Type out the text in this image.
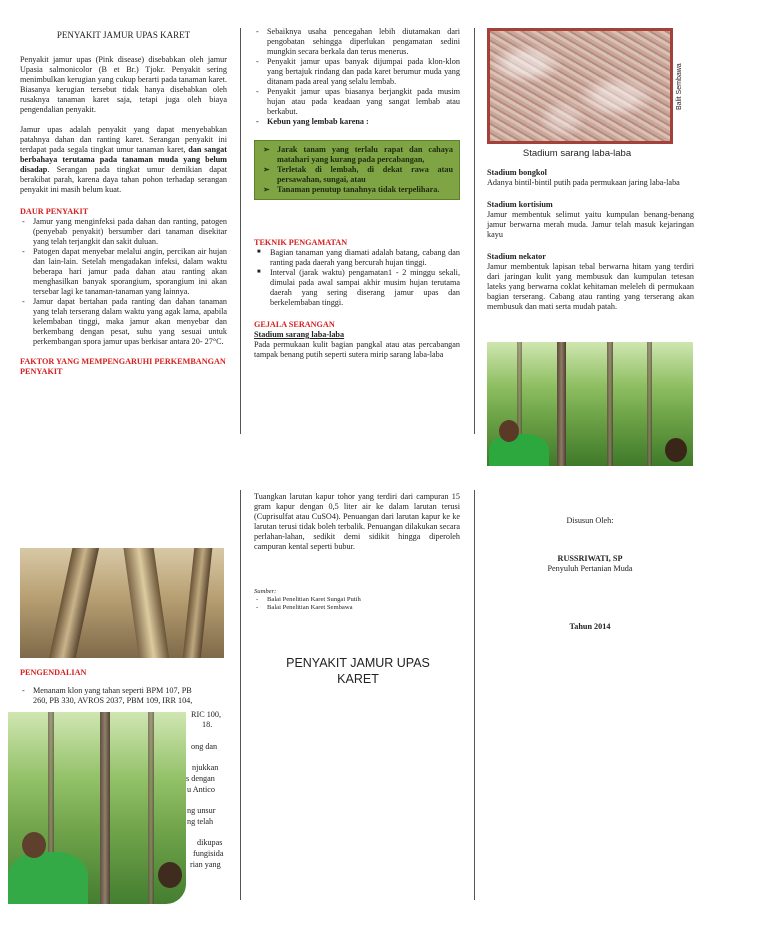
PENYAKIT JAMUR UPAS KARET
Penyakit jamur upas (Pink disease) disebabkan oleh jamur Upasia salmonicolor (B et Br.) Tjokr. Penyakit sering menimbulkan kerugian yang cukup berarti pada tanaman karet. Biasanya kerugian tersebut tidak hanya disebabkan oleh rusaknya tanaman karet saja, tetapi juga oleh biaya pengendalian penyakit.
Jamur upas adalah penyakit yang dapat menyebabkan patahnya dahan dan ranting karet. Serangan penyakit ini terdapat pada segala tingkat umur tanaman karet, dan sangat berbahaya terutama pada tanaman muda yang belum disadap. Serangan pada tingkat umur demikian dapat berakibat parah, karena daya tahan pohon terhadap serangan penyakit ini masih belum kuat.
DAUR PENYAKIT
- Jamur yang menginfeksi pada dahan dan ranting, patogen (penyebab penyakit) bersumber dari tanaman disekitar yang telah terjangkit dan sakit duluan.
- Patogen dapat menyebar melalui angin, percikan air hujan dan lain-lain. Setelah mengadakan infeksi, dalam waktu beberapa hari jamur pada dahan atau ranting akan menghasilkan banyak sporangium, sporangium ini akan tersebar lagi ke tanaman-tanaman yang lainnya.
- Jamur dapat bertahan pada ranting dan dahan tanaman yang telah terserang dalam waktu yang agak lama, apabila kelembaban tinggi, maka jamur akan menyebar dan berkembang dengan pesat, suhu yang sesuai untuk perkembangan spora jamur upas berkisar antara 20- 27°C.
FAKTOR YANG MEMPENGARUHI PERKEMBANGAN PENYAKIT
- Sebaiknya usaha pencegahan lebih diutamakan dari pengobatan sehingga diperlukan pengamatan sedini mungkin secara berkala dan terus menerus.
- Penyakit jamur upas banyak dijumpai pada klon-klon yang bertajuk rindang dan pada karet berumur muda yang ditanam pada areal yang selalu lembab.
- Penyakit jamur upas biasanya berjangkit pada musim hujan atau pada keadaan yang sangat lembab atau berkabut.
- Kebun yang lembab karena :
➢ Jarak tanam yang terlalu rapat dan cahaya matahari yang kurang pada percabangan,
➢ Terletak di lembah, di dekat rawa atau persawahan, sungai, atau
➢ Tanaman penutup tanahnya tidak terpelihara.
TEKNIK PENGAMATAN
■ Bagian tanaman yang diamati adalah batang, cabang dan ranting pada daerah yang bercurah hujan tinggi.
■ Interval (jarak waktu) pengamatan1 - 2 minggu sekali, dimulai pada awal sampai akhir musim hujan terutama daerah yang sering diserang jamur upas dan berkelembaban tinggi.
GEJALA SERANGAN
Stadium sarang laba-laba
Pada permukaan kulit bagian pangkal atau atas percabangan tampak benang putih seperti sutera mirip sarang laba-laba
Balit Sembawa
Stadium sarang laba-laba
Stadium bongkol
Adanya bintil-bintil putih pada permukaan jaring laba-laba
Stadium kortisium
Jamur membentuk selimut yaitu kumpulan benang-benang jamur berwarna merah muda. Jamur telah masuk kejaringan kayu
Stadium nekator
Jamur membentuk lapisan tebal berwarna hitam yang terdiri dari jaringan kulit yang membusuk dan kumpulan tetesan lateks yang berwarna coklat kehitaman meleleh di permukaan bagian terserang. Cabang atau ranting yang terserang akan membusuk dan mati serta mudah patah.
PENGENDALIAN
- Menanam klon yang tahan seperti BPM 107, PB
260, PB 330, AVROS 2037, PBM 109, IRR 104,
RIC 100,
18.
ong dan
njukkan
s dengan
u Antico
ng unsur
ng telah
dikupas
fungisida
rian yang
Tuangkan larutan kapur tohor yang terdiri dari campuran 15 gram kapur dengan 0,5 liter air ke dalam larutan terusi (Cuprisulfat atau CuSO4). Penuangan dari larutan kapur ke ke larutan terusi tidak boleh terbalik. Penuangan dilakukan secara perlahan-lahan, sedikit demi sidikit hingga diperoleh campuran kental seperti bubur.
Sumber:
- Balai Penelitian Karet Sungai Putih
- Balai Penelitian Karet Sembawa
PENYAKIT JAMUR UPAS KARET
Disusun Oleh:
RUSSRIWATI, SP
Penyuluh Pertanian Muda
Tahun 2014
